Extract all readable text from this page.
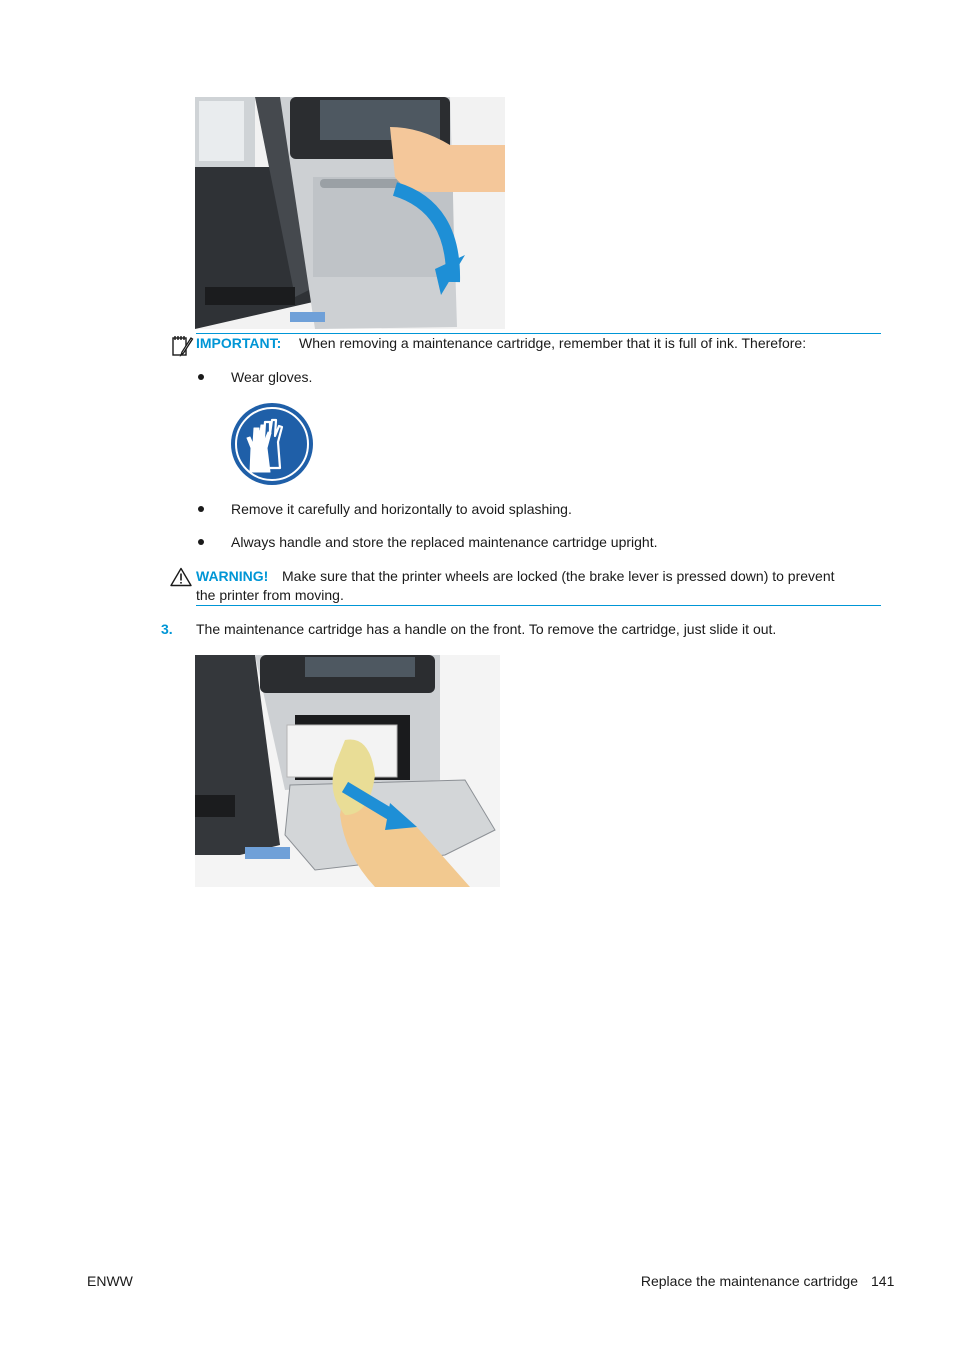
IMPORTANT: When removing a maintenance cartridge, remember that it is full of ink. Therefore:
Wear gloves.
Remove it carefully and horizontally to avoid splashing.
Always handle and store the replaced maintenance cartridge upright.
WARNING! Make sure that the printer wheels are locked (the brake lever is pressed down) to prevent
the printer from moving.
3. The maintenance cartridge has a handle on the front. To remove the cartridge, just slide it out.
ENWW	Replace the maintenance cartridge 141
